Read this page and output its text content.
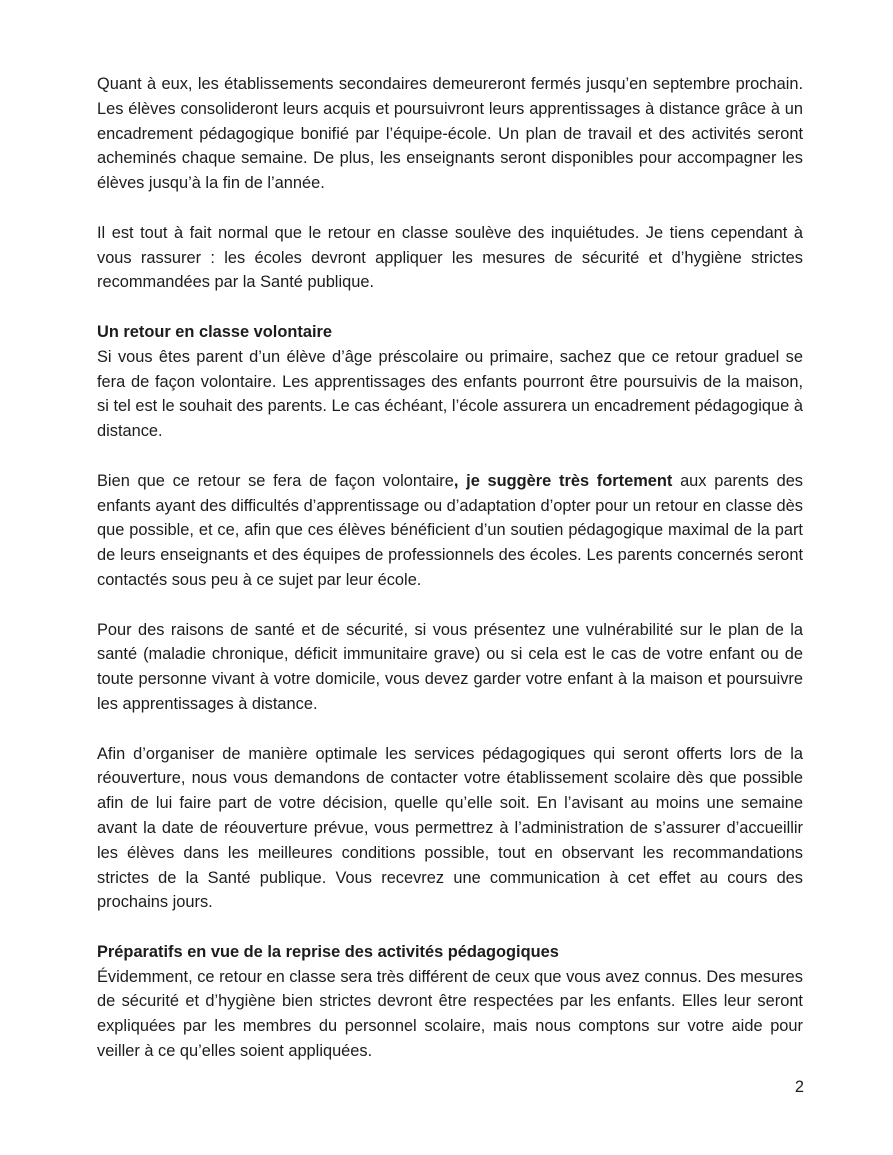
Quant à eux, les établissements secondaires demeureront fermés jusqu’en septembre prochain. Les élèves consolideront leurs acquis et poursuivront leurs apprentissages à distance grâce à un encadrement pédagogique bonifié par l’équipe-école. Un plan de travail et des activités seront acheminés chaque semaine. De plus, les enseignants seront disponibles pour accompagner les élèves jusqu’à la fin de l’année.

Il est tout à fait normal que le retour en classe soulève des inquiétudes. Je tiens cependant à vous rassurer : les écoles devront appliquer les mesures de sécurité et d’hygiène strictes recommandées par la Santé publique.

Un retour en classe volontaire

Si vous êtes parent d’un élève d’âge préscolaire ou primaire, sachez que ce retour graduel se fera de façon volontaire. Les apprentissages des enfants pourront être poursuivis de la maison, si tel est le souhait des parents. Le cas échéant, l’école assurera un encadrement pédagogique à distance.

Bien que ce retour se fera de façon volontaire, je suggère très fortement aux parents des enfants ayant des difficultés d’apprentissage ou d’adaptation d’opter pour un retour en classe dès que possible, et ce, afin que ces élèves bénéficient d’un soutien pédagogique maximal de la part de leurs enseignants et des équipes de professionnels des écoles. Les parents concernés seront contactés sous peu à ce sujet par leur école.

Pour des raisons de santé et de sécurité, si vous présentez une vulnérabilité sur le plan de la santé (maladie chronique, déficit immunitaire grave) ou si cela est le cas de votre enfant ou de toute personne vivant à votre domicile, vous devez garder votre enfant à la maison et poursuivre les apprentissages à distance.

Afin d’organiser de manière optimale les services pédagogiques qui seront offerts lors de la réouverture, nous vous demandons de contacter votre établissement scolaire dès que possible afin de lui faire part de votre décision, quelle qu’elle soit. En l’avisant au moins une semaine avant la date de réouverture prévue, vous permettrez à l’administration de s’assurer d’accueillir les élèves dans les meilleures conditions possible, tout en observant les recommandations strictes de la Santé publique. Vous recevrez une communication à cet effet au cours des prochains jours.

Préparatifs en vue de la reprise des activités pédagogiques

Évidemment, ce retour en classe sera très différent de ceux que vous avez connus. Des mesures de sécurité et d’hygiène bien strictes devront être respectées par les enfants. Elles leur seront expliquées par les membres du personnel scolaire, mais nous comptons sur votre aide pour veiller à ce qu’elles soient appliquées.

2
